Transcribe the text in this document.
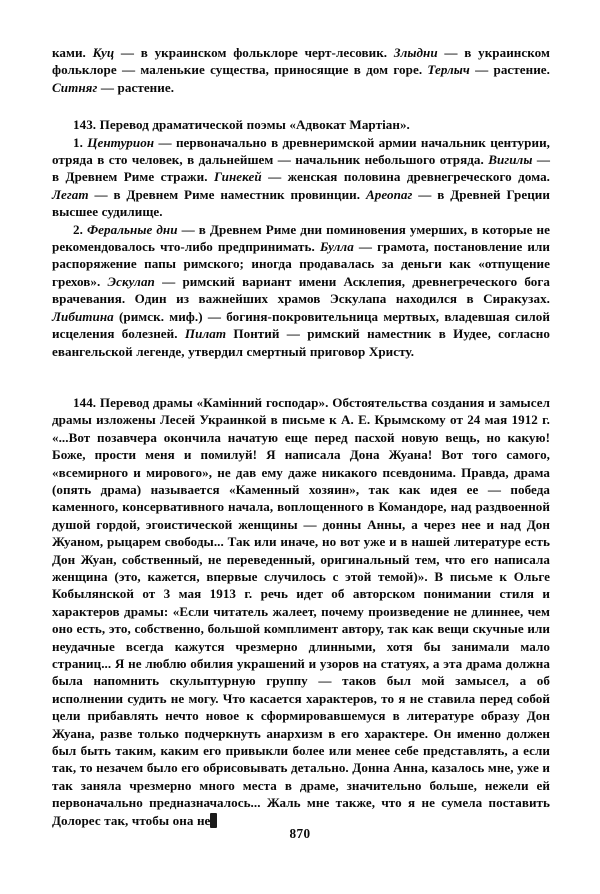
ками. Куц — в украинском фольклоре черт-лесовик. Злыдни — в украинском фольклоре — маленькие существа, приносящие в дом горе. Терлыч — растение. Ситняг — растение.

143. Перевод драматической поэмы «Адвокат Мартіан».

1. Центурион — первоначально в древнеримской армии начальник центурии, отряда в сто человек, в дальнейшем — начальник небольшого отряда. Вигилы — в Древнем Риме стражи. Гинекей — женская половина древнегреческого дома. Легат — в Древнем Риме наместник провинции. Ареопаг — в Древней Греции высшее судилище.

2. Феральные дни — в Древнем Риме дни поминовения умерших, в которые не рекомендовалось что-либо предпринимать. Булла — грамота, постановление или распоряжение папы римского; иногда продавалась за деньги как «отпущение грехов». Эскулап — римский вариант имени Асклепия, древнегреческого бога врачевания. Один из важнейших храмов Эскулапа находился в Сиракузах. Либитина (римск. миф.) — богиня-покровительница мертвых, владевшая силой исцеления болезней. Пилат Понтий — римский наместник в Иудее, согласно евангельской легенде, утвердил смертный приговор Христу.

144. Перевод драмы «Камінний господар». Обстоятельства создания и замысел драмы изложены Лесей Украинкой в письме к А. Е. Крымскому от 24 мая 1912 г. «...Вот позавчера окончила начатую еще перед пасхой новую вещь, но какую! Боже, прости меня и помилуй! Я написала Дона Жуана! Вот того самого, «всемирного и мирового», не дав ему даже никакого псевдонима. Правда, драма (опять драма) называется «Каменный хозяин», так как идея ее — победа каменного, консервативного начала, воплощенного в Командоре, над раздвоенной душой гордой, эгоистической женщины — донны Анны, а через нее и над Дон Жуаном, рыцарем свободы... Так или иначе, но вот уже и в нашей литературе есть Дон Жуан, собственный, не переведенный, оригинальный тем, что его написала женщина (это, кажется, впервые случилось с этой темой)». В письме к Ольге Кобылянской от 3 мая 1913 г. речь идет об авторском понимании стиля и характеров драмы: «Если читатель жалеет, почему произведение не длиннее, чем оно есть, это, собственно, большой комплимент автору, так как вещи скучные или неудачные всегда кажутся чрезмерно длинными, хотя бы занимали мало страниц... Я не люблю обилия украшений и узоров на статуях, а эта драма должна была напомнить скульптурную группу — таков был мой замысел, а об исполнении судить не могу. Что касается характеров, то я не ставила перед собой цели прибавлять нечто новое к сформировавшемуся в литературе образу Дон Жуана, разве только подчеркнуть анархизм в его характере. Он именно должен был быть таким, каким его привыкли более или менее себе представлять, а если так, то незачем было его обрисовывать детально. Донна Анна, казалось мне, уже и так заняла чрезмерно много места в драме, значительно больше, нежели ей первоначально предназначалось... Жаль мне также, что я не сумела поставить Долорес так, чтобы она не

870
